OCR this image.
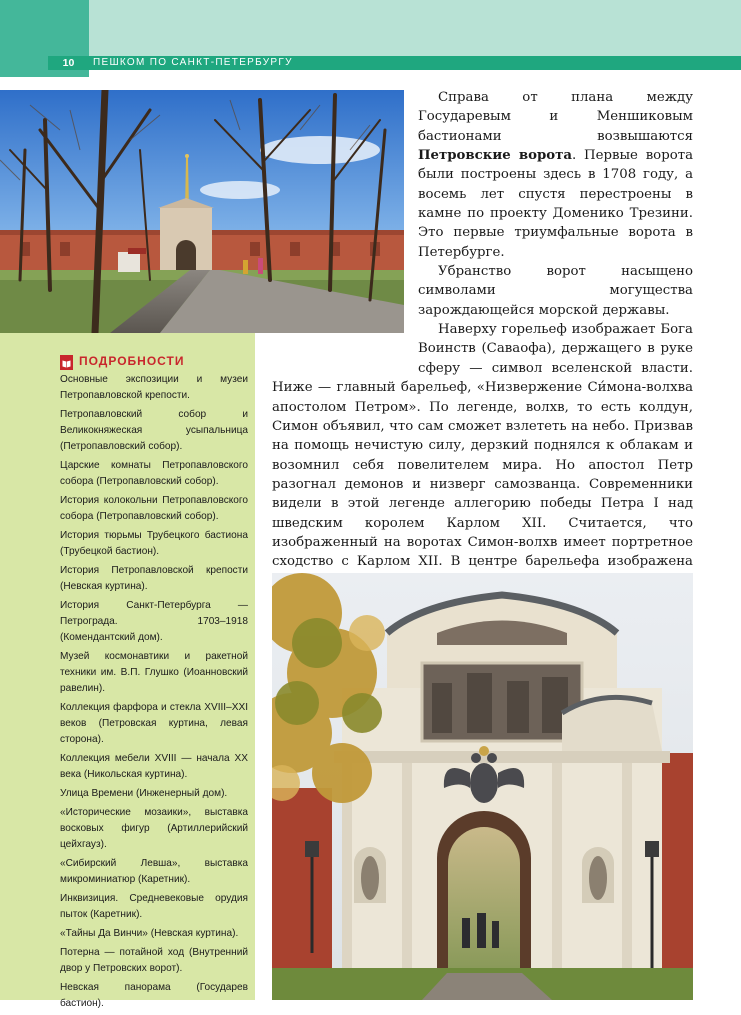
10	ПЕШКОМ ПО САНКТ-ПЕТЕРБУРГУ
ПОДРОБНОСТИ
Основные экспозиции и музеи Петропавловской крепости.
Петропавловский собор и Великокняжеская усыпальница (Петропавловский собор).
Царские комнаты Петропавловского собора (Петропавловский собор).
История колокольни Петропавловского собора (Петропавловский собор).
История тюрьмы Трубецкого бастиона (Трубецкой бастион).
История Петропавловской крепости (Невская куртина).
История Санкт-Петербурга — Петрограда. 1703–1918 (Комендантский дом).
Музей космонавтики и ракетной техники им. В.П. Глушко (Иоанновский равелин).
Коллекция фарфора и стекла XVIII–XXI веков (Петровская куртина, левая сторона).
Коллекция мебели XVIII — начала XX века (Никольская куртина).
Улица Времени (Инженерный дом).
«Исторические мозаики», выставка восковых фигур (Артиллерийский цейхгауз).
«Сибирский Левша», выставка микроминиатюр (Каретник).
Инквизиция. Средневековые орудия пыток (Каретник).
«Тайны Да Винчи» (Невская куртина).
Потерна — потайной ход (Внутренний двор у Петровских ворот).
Невская панорама (Государев бастион).

Справа от плана между Государевым и Меншиковым бастионами возвышаются Петровские ворота. Первые ворота были построены здесь в 1708 году, а восемь лет спустя перестроены в камне по проекту Доменико Трезини. Это первые триумфальные ворота в Петербурге.

Убранство ворот насыщено символами могущества зарождающейся морской державы.

Наверху горельеф изображает Бога Воинств (Саваофа), держащего в руке сферу — символ вселенской власти. Ниже — главный барельеф, «Низвержение Си́мона-волхва апостолом Петром». По легенде, волхв, то есть колдун, Симон объявил, что сам сможет взлететь на небо. Призвав на помощь нечистую силу, дерзкий поднялся к облакам и возомнил себя повелителем мира. Но апостол Петр разогнал демонов и низверг самозванца. Современники видели в этой легенде аллегорию победы Петра I над шведским королем Карлом XII. Считается, что изображенный на воротах Симон-волхв имеет портретное сходство с Карлом XII. В центре барельефа изображена
